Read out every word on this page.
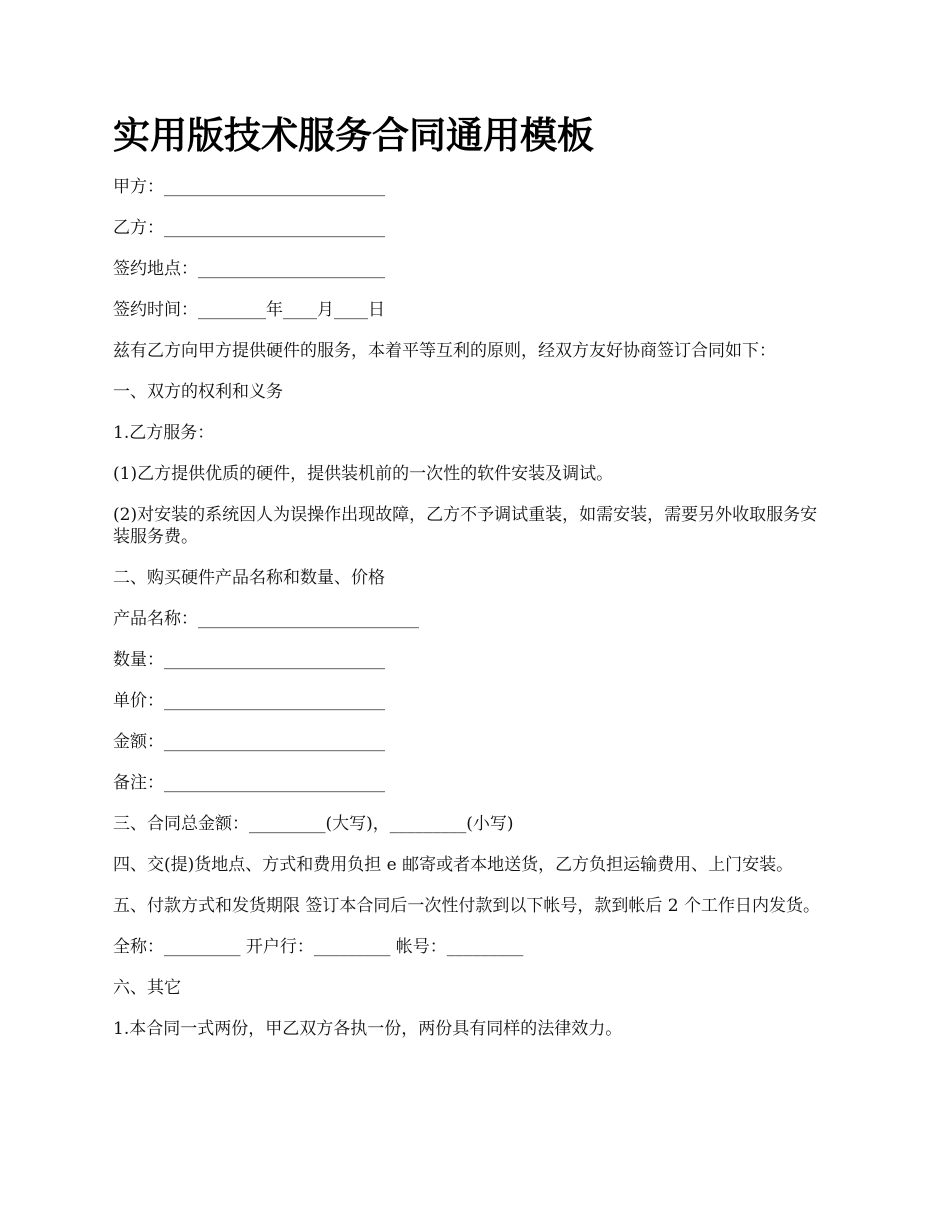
实用版技术服务合同通用模板

甲方：__________________________

乙方：__________________________

签约地点：______________________

签约时间：________年____月____日

兹有乙方向甲方提供硬件的服务，本着平等互利的原则，经双方友好协商签订合同如下：

一、双方的权利和义务

1.乙方服务：

(1)乙方提供优质的硬件，提供装机前的一次性的软件安装及调试。

(2)对安装的系统因人为误操作出现故障，乙方不予调试重装，如需安装，需要另外收取服务安装服务费。

二、购买硬件产品名称和数量、价格

产品名称：__________________________

数量：__________________________

单价：__________________________

金额：__________________________

备注：__________________________

三、合同总金额：_________(大写)，_________(小写)

四、交(提)货地点、方式和费用负担 e 邮寄或者本地送货，乙方负担运输费用、上门安装。

五、付款方式和发货期限 签订本合同后一次性付款到以下帐号，款到帐后 2 个工作日内发货。

全称：_________ 开户行：_________ 帐号：_________

六、其它

1.本合同一式两份，甲乙双方各执一份，两份具有同样的法律效力。
